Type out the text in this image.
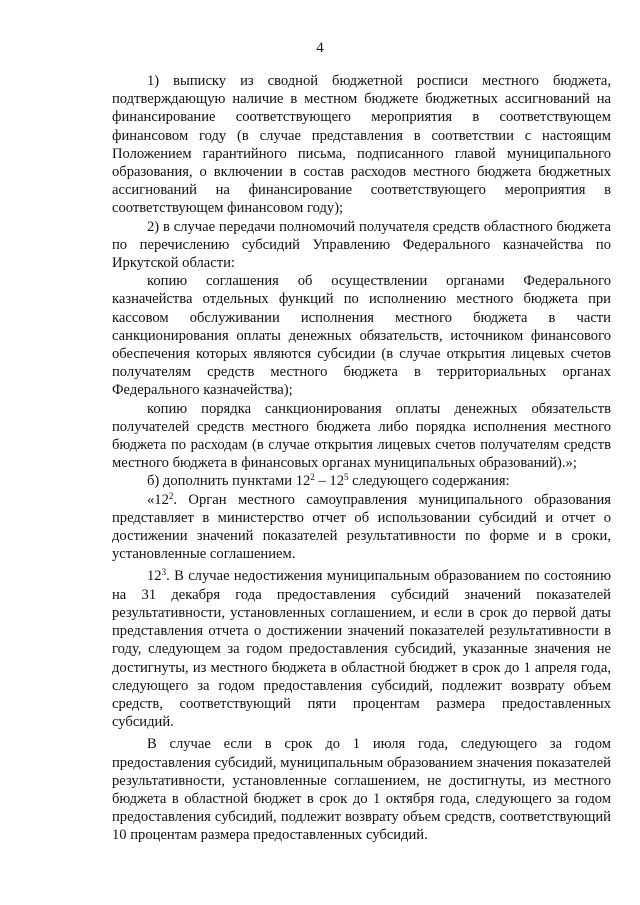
4

1) выписку из сводной бюджетной росписи местного бюджета, подтверждающую наличие в местном бюджете бюджетных ассигнований на финансирование соответствующего мероприятия в соответствующем финансовом году (в случае представления в соответствии с настоящим Положением гарантийного письма, подписанного главой муниципального образования, о включении в состав расходов местного бюджета бюджетных ассигнований на финансирование соответствующего мероприятия в соответствующем финансовом году);

2) в случае передачи полномочий получателя средств областного бюджета по перечислению субсидий Управлению Федерального казначейства по Иркутской области:

копию соглашения об осуществлении органами Федерального казначейства отдельных функций по исполнению местного бюджета при кассовом обслуживании исполнения местного бюджета в части санкционирования оплаты денежных обязательств, источником финансового обеспечения которых являются субсидии (в случае открытия лицевых счетов получателям средств местного бюджета в территориальных органах Федерального казначейства);

копию порядка санкционирования оплаты денежных обязательств получателей средств местного бюджета либо порядка исполнения местного бюджета по расходам (в случае открытия лицевых счетов получателям средств местного бюджета в финансовых органах муниципальных образований).»;

б) дополнить пунктами $12^2 - 12^5$ следующего содержания:

«$12^2$. Орган местного самоуправления муниципального образования представляет в министерство отчет об использовании субсидий и отчет о достижении значений показателей результативности по форме и в сроки, установленные соглашением.

$12^3$. В случае недостижения муниципальным образованием по состоянию на 31 декабря года предоставления субсидий значений показателей результативности, установленных соглашением, и если в срок до первой даты представления отчета о достижении значений показателей результативности в году, следующем за годом предоставления субсидий, указанные значения не достигнуты, из местного бюджета в областной бюджет в срок до 1 апреля года, следующего за годом предоставления субсидий, подлежит возврату объем средств, соответствующий пяти процентам размера предоставленных субсидий.

В случае если в срок до 1 июля года, следующего за годом предоставления субсидий, муниципальным образованием значения показателей результативности, установленные соглашением, не достигнуты, из местного бюджета в областной бюджет в срок до 1 октября года, следующего за годом предоставления субсидий, подлежит возврату объем средств, соответствующий 10 процентам размера предоставленных субсидий.
